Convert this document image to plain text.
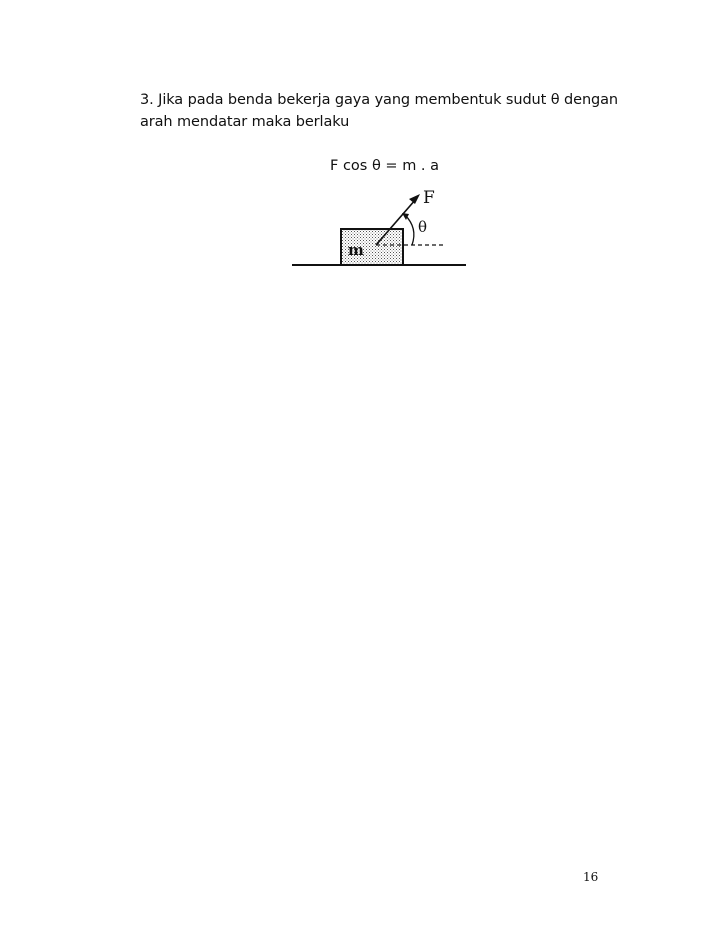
3. Jika pada benda bekerja gaya yang membentuk sudut θ dengan
arah mendatar maka berlaku
F cos θ = m . a
m
F
θ
16
